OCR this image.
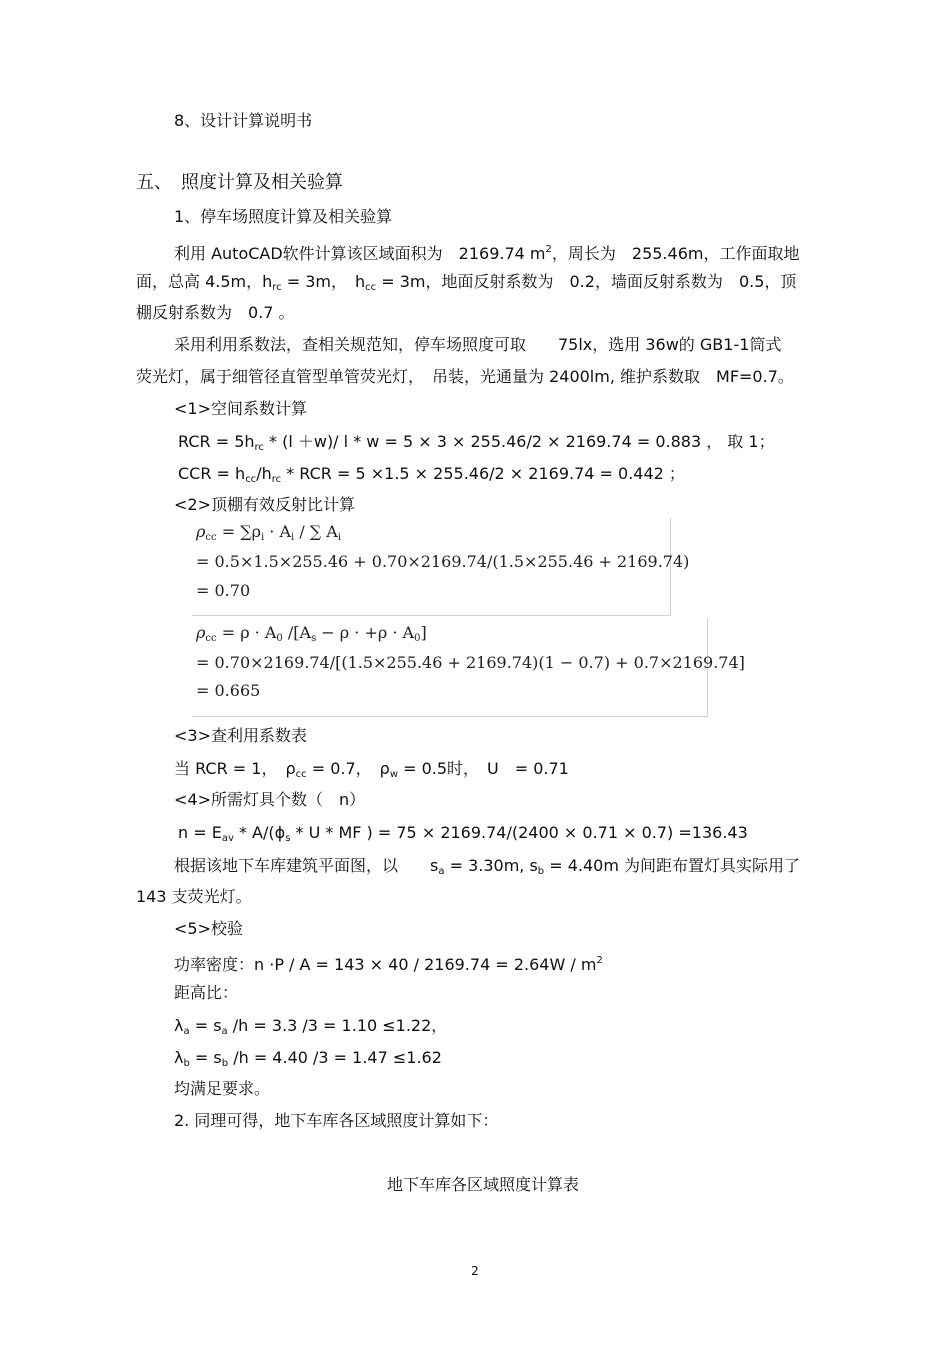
8、设计计算说明书
五、　照度计算及相关验算
1、停车场照度计算及相关验算
利用 AutoCAD软件计算该区域面积为　2169.74 $m^2$，周长为　255.46m，工作面取地
面，总高 4.5m，$h_{rc} = 3m$，　$h_{cc} = 3m$，地面反射系数为　0.2，墙面反射系数为　0.5，顶
棚反射系数为　0.7 。
采用利用系数法，查相关规范知，停车场照度可取　　75lx，选用 36w的 GB1-1筒式
荧光灯，属于细管径直管型单管荧光灯，　吊装，光通量为 2400lm, 维护系数取　MF=0.7。
<1>空间系数计算
RCR = $5h_{rc} * (l +w)/$ l * w = 5 × 3 × 255.46/2 × 2169.74 = 0.883 ， 取 1；
CCR = $h_{cc}/h_{rc}$ * RCR = 5 ×1.5 × 255.46/2 × 2169.74 = 0.442 ；
<2>顶棚有效反射比计算
$\rho_{cc} = \sum\rho_i \cdot A_i$ / ∑ $A_i$
= 0.5×1.5×255.46 + 0.70×2169.74/(1.5×255.46 + 2169.74)
= 0.70
$\rho_{cc} = \rho \cdot A_0$ $/[A_s - \rho \cdot +\rho \cdot A_0]$
= 0.70×2169.74/[(1.5×255.46 + 2169.74)(1 − 0.7) + 0.7×2169.74]
= 0.665
<3>查利用系数表
当 RCR = 1，　$\rho_{cc} = 0.7$，　$\rho_w = 0.5$时，　U　= 0.71
<4>所需灯具个数（　n）
$n = E_{av} * A/(\phi_s * U$ * MF ) = 75 × 2169.74/(2400 × 0.71 × 0.7) =136.43
根据该地下车库建筑平面图，以　　$s_a = 3.30m$, $s_b = 4.40m$ 为间距布置灯具实际用了
143 支荧光灯。
<5>校验
功率密度：$n \cdot P / A = 143 \times 40 / 2169.74 = 2.64W / m^2$
距高比：
$\lambda_a = s_a$ /h = 3.3 /3 = 1.10 ≤1.22，
$\lambda_b = s_b$ /h = 4.40 /3 = 1.47 ≤1.62
均满足要求。
2. 同理可得，地下车库各区域照度计算如下：
地下车库各区域照度计算表
2
